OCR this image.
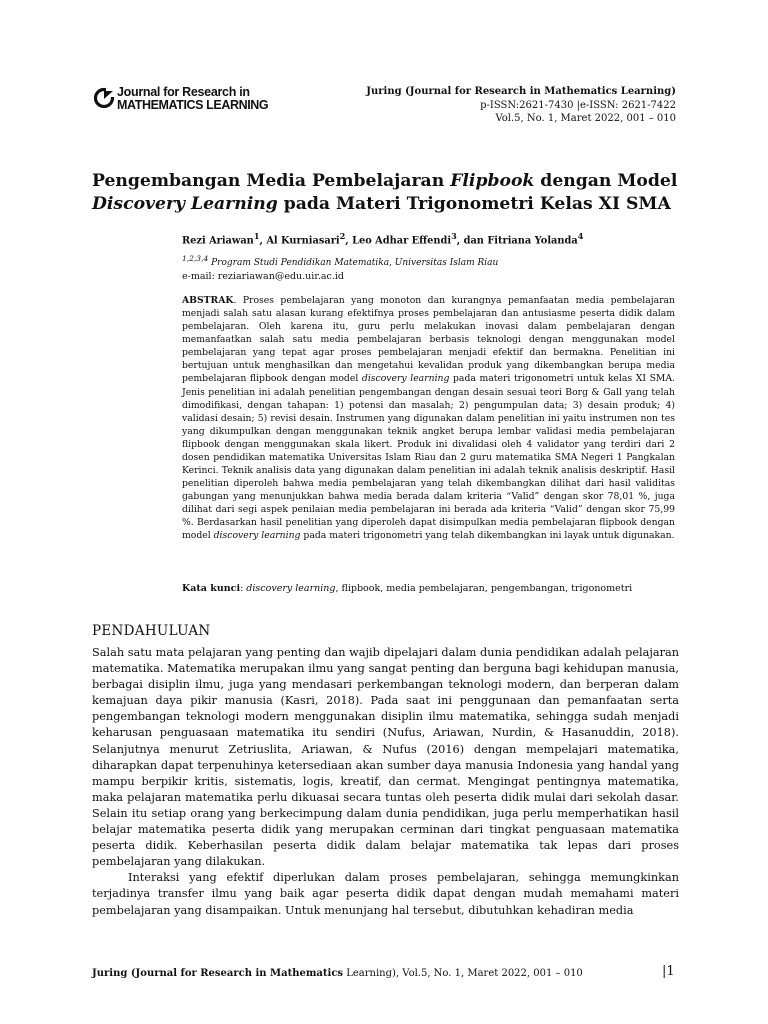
Journal for Research in
MATHEMATICS LEARNING
Juring (Journal for Research in Mathematics Learning)
p-ISSN:2621-7430 |e-ISSN: 2621-7422
Vol.5, No. 1, Maret 2022, 001 – 010
Pengembangan Media Pembelajaran Flipbook dengan Model Discovery Learning pada Materi Trigonometri Kelas XI SMA
Rezi Ariawan$^1$, Al Kurniasari$^2$, Leo Adhar Effendi$^3$, dan Fitriana Yolanda$^4$
$^{1,2,3,4}$ Program Studi Pendidikan Matematika, Universitas Islam Riau
e-mail: reziariawan@edu.uir.ac.id
ABSTRAK. Proses pembelajaran yang monoton dan kurangnya pemanfaatan media pembelajaran menjadi salah satu alasan kurang efektifnya proses pembelajaran dan antusiasme peserta didik dalam pembelajaran. Oleh karena itu, guru perlu melakukan inovasi dalam pembelajaran dengan memanfaatkan salah satu media pembelajaran berbasis teknologi dengan menggunakan model pembelajaran yang tepat agar proses pembelajaran menjadi efektif dan bermakna. Penelitian ini bertujuan untuk menghasilkan dan mengetahui kevalidan produk yang dikembangkan berupa media pembelajaran flipbook dengan model discovery learning pada materi trigonometri untuk kelas XI SMA. Jenis penelitian ini adalah penelitian pengembangan dengan desain sesuai teori Borg & Gall yang telah dimodifikasi, dengan tahapan: 1) potensi dan masalah; 2) pengumpulan data; 3) desain produk; 4) validasi desain; 5) revisi desain. Instrumen yang digunakan dalam penelitian ini yaitu instrumen non tes yang dikumpulkan dengan menggunakan teknik angket berupa lembar validasi media pembelajaran flipbook dengan menggunakan skala likert. Produk ini divalidasi oleh 4 validator yang terdiri dari 2 dosen pendidikan matematika Universitas Islam Riau dan 2 guru matematika SMA Negeri 1 Pangkalan Kerinci. Teknik analisis data yang digunakan dalam penelitian ini adalah teknik analisis deskriptif. Hasil penelitian diperoleh bahwa media pembelajaran yang telah dikembangkan dilihat dari hasil validitas gabungan yang menunjukkan bahwa media berada dalam kriteria “Valid” dengan skor 78,01 %, juga dilihat dari segi aspek penilaian media pembelajaran ini berada ada kriteria “Valid” dengan skor 75,99 %. Berdasarkan hasil penelitian yang diperoleh dapat disimpulkan media pembelajaran flipbook dengan model discovery learning pada materi trigonometri yang telah dikembangkan ini layak untuk digunakan.
Kata kunci: discovery learning, flipbook, media pembelajaran, pengembangan, trigonometri
PENDAHULUAN

Salah satu mata pelajaran yang penting dan wajib dipelajari dalam dunia pendidikan adalah pelajaran matematika. Matematika merupakan ilmu yang sangat penting dan berguna bagi kehidupan manusia, berbagai disiplin ilmu, juga yang mendasari perkembangan teknologi modern, dan berperan dalam kemajuan daya pikir manusia (Kasri, 2018). Pada saat ini penggunaan dan pemanfaatan serta pengembangan teknologi modern menggunakan disiplin ilmu matematika, sehingga sudah menjadi keharusan penguasaan matematika itu sendiri (Nufus, Ariawan, Nurdin, & Hasanuddin, 2018). Selanjutnya menurut Zetriuslita, Ariawan, & Nufus (2016) dengan mempelajari matematika, diharapkan dapat terpenuhinya ketersediaan akan sumber daya manusia Indonesia yang handal yang mampu berpikir kritis, sistematis, logis, kreatif, dan cermat. Mengingat pentingnya matematika, maka pelajaran matematika perlu dikuasai secara tuntas oleh peserta didik mulai dari sekolah dasar. Selain itu setiap orang yang berkecimpung dalam dunia pendidikan, juga perlu memperhatikan hasil belajar matematika peserta didik yang merupakan cerminan dari tingkat penguasaan matematika peserta didik. Keberhasilan peserta didik dalam belajar matematika tak lepas dari proses pembelajaran yang dilakukan.

Interaksi yang efektif diperlukan dalam proses pembelajaran, sehingga memungkinkan terjadinya transfer ilmu yang baik agar peserta didik dapat dengan mudah memahami materi pembelajaran yang disampaikan. Untuk menunjang hal tersebut, dibutuhkan kehadiran media

Juring (Journal for Research in Mathematics Learning), Vol.5, No. 1, Maret 2022, 001 – 010	|1
